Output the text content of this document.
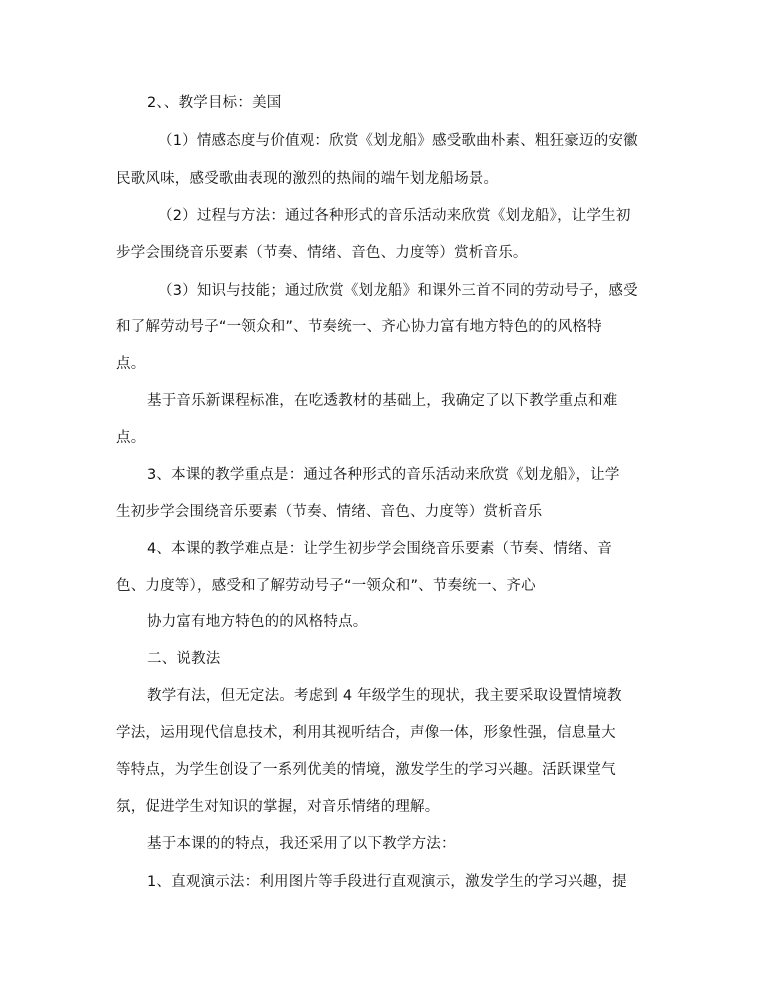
2、、教学目标：美国
（1）情感态度与价值观：欣赏《划龙船》感受歌曲朴素、粗狂豪迈的安徽
民歌风味，感受歌曲表现的激烈的热闹的端午划龙船场景。
（2）过程与方法：通过各种形式的音乐活动来欣赏《划龙船》，让学生初
步学会围绕音乐要素（节奏、情绪、音色、力度等）赏析音乐。
（3）知识与技能；通过欣赏《划龙船》和课外三首不同的劳动号子，感受
和了解劳动号子“一领众和”、节奏统一、齐心协力富有地方特色的的风格特
点。
基于音乐新课程标准，在吃透教材的基础上，我确定了以下教学重点和难
点。
3、本课的教学重点是：通过各种形式的音乐活动来欣赏《划龙船》，让学
生初步学会围绕音乐要素（节奏、情绪、音色、力度等）赏析音乐
4、本课的教学难点是：让学生初步学会围绕音乐要素（节奏、情绪、音
色、力度等），感受和了解劳动号子“一领众和”、节奏统一、齐心
协力富有地方特色的的风格特点。
二、说教法
教学有法，但无定法。考虑到 4 年级学生的现状，我主要采取设置情境教
学法，运用现代信息技术，利用其视听结合，声像一体，形象性强，信息量大
等特点，为学生创设了一系列优美的情境，激发学生的学习兴趣。活跃课堂气
氛，促进学生对知识的掌握，对音乐情绪的理解。
基于本课的的特点，我还采用了以下教学方法：
1、直观演示法：利用图片等手段进行直观演示，激发学生的学习兴趣，提
